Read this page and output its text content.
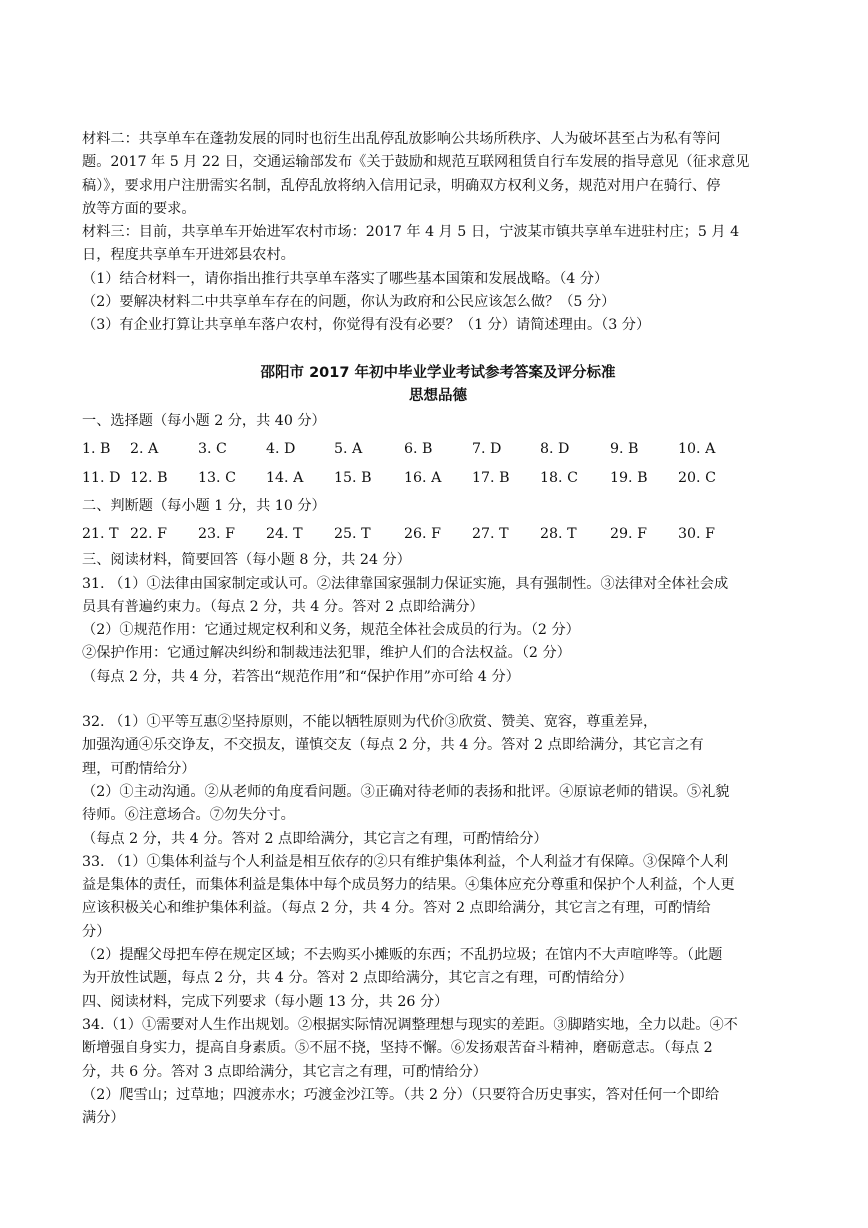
材料二：共享单车在蓬勃发展的同时也衍生出乱停乱放影响公共场所秩序、人为破坏甚至占为私有等问

题。2017 年 5 月 22 日，交通运输部发布《关于鼓励和规范互联网租赁自行车发展的指导意见（征求意见

稿）》，要求用户注册需实名制，乱停乱放将纳入信用记录，明确双方权利义务，规范对用户在骑行、停

放等方面的要求。

材料三：目前，共享单车开始进军农村市场：2017 年 4 月 5 日，宁波某市镇共享单车进驻村庄；5 月 4

日，程度共享单车开进郊县农村。

（1）结合材料一，请你指出推行共享单车落实了哪些基本国策和发展战略。（4 分）

（2）要解决材料二中共享单车存在的问题，你认为政府和公民应该怎么做？（5 分）

（3）有企业打算让共享单车落户农村，你觉得有没有必要？（1 分）请简述理由。（3 分）

邵阳市 2017 年初中毕业学业考试参考答案及评分标准

思想品德

一、选择题（每小题 2 分，共 40 分）

1. B	2. A	3. C	4. D	5. A	6. B	7. D	8. D	9. B	10. A
11. D 12. B	13. C	14. A	15. B	16. A	17. B	18. C	19. B	20. C

二、判断题（每小题 1 分，共 10 分）

21. T 22. F	23. F	24. T	25. T	26. F	27. T	28. T	29. F	30. F

三、阅读材料，简要回答（每小题 8 分，共 24 分）

31. （1）①法律由国家制定或认可。②法律靠国家强制力保证实施，具有强制性。③法律对全体社会成

员具有普遍约束力。（每点 2 分，共 4 分。答对 2 点即给满分）

（2）①规范作用：它通过规定权利和义务，规范全体社会成员的行为。（2 分）

②保护作用：它通过解决纠纷和制裁违法犯罪，维护人们的合法权益。（2 分）

（每点 2 分，共 4 分，若答出“规范作用”和“保护作用”亦可给 4 分）

32. （1）①平等互惠②坚持原则，不能以牺牲原则为代价③欣赏、赞美、宽容，尊重差异，

加强沟通④乐交诤友，不交损友，谨慎交友（每点 2 分，共 4 分。答对 2 点即给满分，其它言之有

理，可酌情给分）

（2）①主动沟通。②从老师的角度看问题。③正确对待老师的表扬和批评。④原谅老师的错误。⑤礼貌

待师。⑥注意场合。⑦勿失分寸。

（每点 2 分，共 4 分。答对 2 点即给满分，其它言之有理，可酌情给分）

33. （1）①集体利益与个人利益是相互依存的②只有维护集体利益，个人利益才有保障。③保障个人利

益是集体的责任，而集体利益是集体中每个成员努力的结果。④集体应充分尊重和保护个人利益，个人更

应该积极关心和维护集体利益。（每点 2 分，共 4 分。答对 2 点即给满分，其它言之有理，可酌情给

分）

（2）提醒父母把车停在规定区域；不去购买小摊贩的东西；不乱扔垃圾；在馆内不大声喧哗等。（此题

为开放性试题，每点 2 分，共 4 分。答对 2 点即给满分，其它言之有理，可酌情给分）

四、阅读材料，完成下列要求（每小题 13 分，共 26 分）

34.（1）①需要对人生作出规划。②根据实际情况调整理想与现实的差距。③脚踏实地，全力以赴。④不

断增强自身实力，提高自身素质。⑤不屈不挠，坚持不懈。⑥发扬艰苦奋斗精神，磨砺意志。（每点 2

分，共 6 分。答对 3 点即给满分，其它言之有理，可酌情给分）

（2）爬雪山；过草地；四渡赤水；巧渡金沙江等。（共 2 分）（只要符合历史事实，答对任何一个即给

满分）
